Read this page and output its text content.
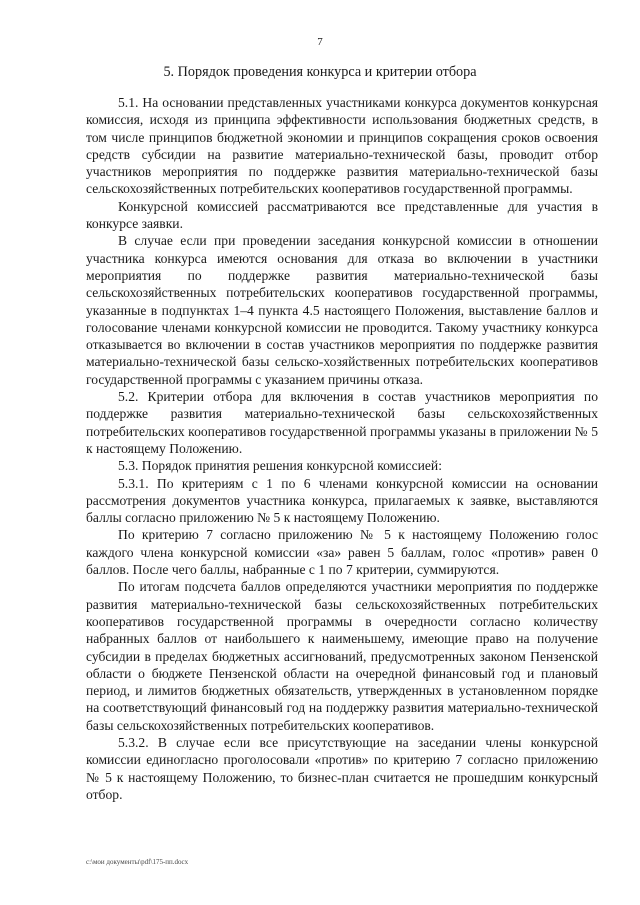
7
5. Порядок проведения конкурса и критерии отбора

5.1. На основании представленных участниками конкурса документов конкурсная комиссия, исходя из принципа эффективности использования бюджетных средств, в том числе принципов бюджетной экономии и принципов сокращения сроков освоения средств субсидии на развитие материально-технической базы, проводит отбор участников мероприятия по поддержке развития материально-технической базы сельскохозяйственных потребительских кооперативов государственной программы.

Конкурсной комиссией рассматриваются все представленные для участия в конкурсе заявки.

В случае если при проведении заседания конкурсной комиссии в отношении участника конкурса имеются основания для отказа во включении в участники мероприятия по поддержке развития материально-технической базы сельскохозяйственных потребительских кооперативов государственной программы, указанные в подпунктах 1–4 пункта 4.5 настоящего Положения, выставление баллов и голосование членами конкурсной комиссии не проводится. Такому участнику конкурса отказывается во включении в состав участников мероприятия по поддержке развития материально-технической базы сельско-хозяйственных потребительских кооперативов государственной программы с указанием причины отказа.

5.2. Критерии отбора для включения в состав участников мероприятия по поддержке развития материально-технической базы сельскохозяйственных потребительских кооперативов государственной программы указаны в приложении № 5 к настоящему Положению.

5.3. Порядок принятия решения конкурсной комиссией:

5.3.1. По критериям с 1 по 6 членами конкурсной комиссии на основании рассмотрения документов участника конкурса, прилагаемых к заявке, выставляются баллы согласно приложению № 5 к настоящему Положению.

По критерию 7 согласно приложению № 5 к настоящему Положению голос каждого члена конкурсной комиссии «за» равен 5 баллам, голос «против» равен 0 баллов. После чего баллы, набранные с 1 по 7 критерии, суммируются.

По итогам подсчета баллов определяются участники мероприятия по поддержке развития материально-технической базы сельскохозяйственных потребительских кооперативов государственной программы в очередности согласно количеству набранных баллов от наибольшего к наименьшему, имеющие право на получение субсидии в пределах бюджетных ассигнований, предусмотренных законом Пензенской области о бюджете Пензенской области на очередной финансовый год и плановый период, и лимитов бюджетных обязательств, утвержденных в установленном порядке на соответствующий финансовый год на поддержку развития материально-технической базы сельскохозяйственных потребительских кооперативов.

5.3.2. В случае если все присутствующие на заседании члены конкурсной комиссии единогласно проголосовали «против» по критерию 7 согласно приложению № 5 к настоящему Положению, то бизнес-план считается не прошедшим конкурсный отбор.

c:\мои документы\pdf\175-пп.docx
